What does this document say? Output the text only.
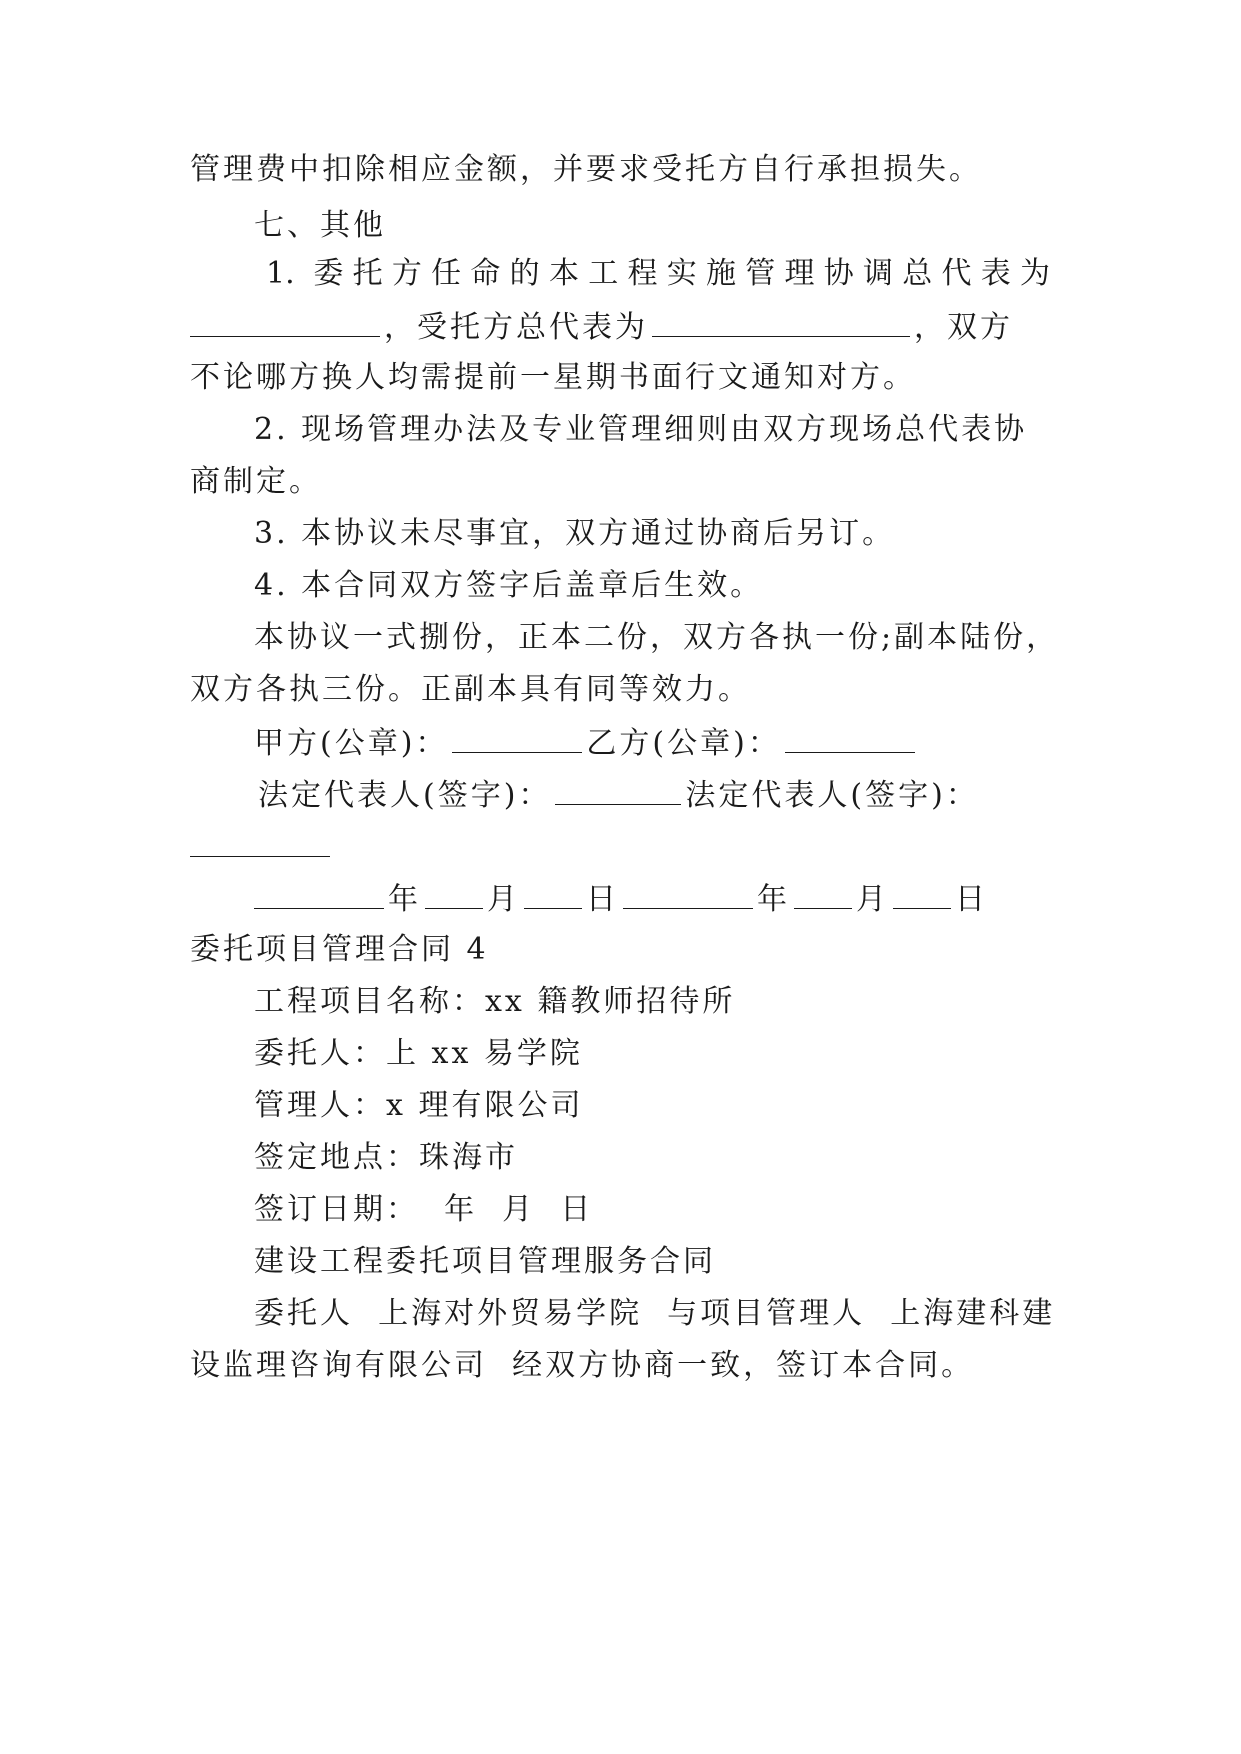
管理费中扣除相应金额，并要求受托方自行承担损失。
七、其他
1. 委托方任命的本工程实施管理协调总代表为
，受托方总代表为	，双方
不论哪方换人均需提前一星期书面行文通知对方。
2. 现场管理办法及专业管理细则由双方现场总代表协
商制定。
3. 本协议未尽事宜，双方通过协商后另订。
4. 本合同双方签字后盖章后生效。
本协议一式捌份，正本二份，双方各执一份;副本陆份，
双方各执三份。正副本具有同等效力。
甲方(公章)：	乙方(公章)：
法定代表人(签字)：	法定代表人(签字)：
年 月 日	年 月 日
委托项目管理合同 4
工程项目名称：xx 籍教师招待所
委托人：上 xx 易学院
管理人：x 理有限公司
签定地点：珠海市
签订日期：  年  月  日
建设工程委托项目管理服务合同
委托人  上海对外贸易学院  与项目管理人  上海建科建
设监理咨询有限公司  经双方协商一致，签订本合同。
